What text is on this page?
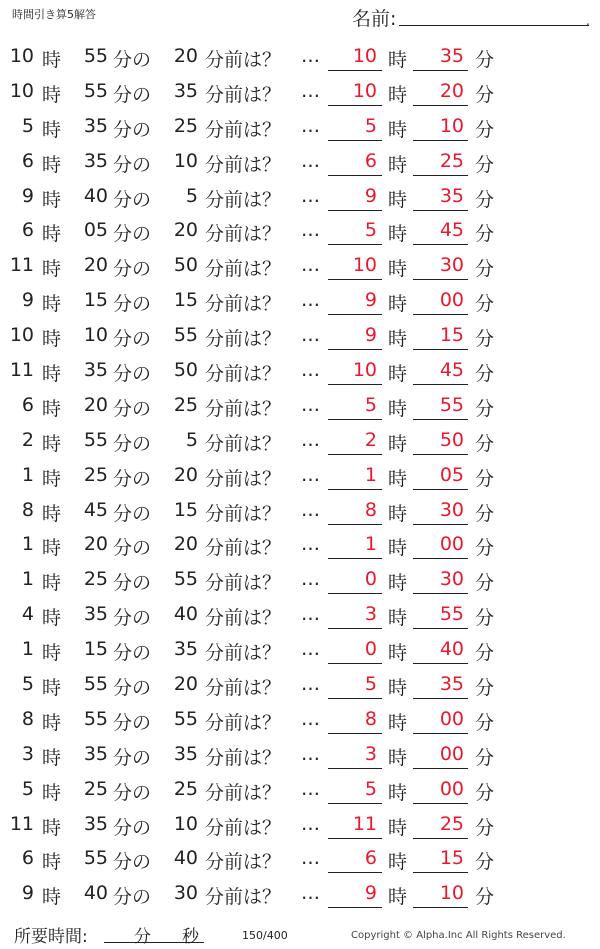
時間引き算5解答	名前:	.
10 時	55 分の	20 分前は？ …	10 時	35 分
10 時	55 分の	35 分前は？ …	10 時	20 分
5 時	35 分の	25 分前は？ …	5 時	10 分
6 時	35 分の	10 分前は？ …	6 時	25 分
9 時	40 分の	5 分前は？ …	9 時	35 分
6 時	05 分の	20 分前は？ …	5 時	45 分
11 時	20 分の	50 分前は？ …	10 時	30 分
9 時	15 分の	15 分前は？ …	9 時	00 分
10 時	10 分の	55 分前は？ …	9 時	15 分
11 時	35 分の	50 分前は？ …	10 時	45 分
6 時	20 分の	25 分前は？ …	5 時	55 分
2 時	55 分の	5 分前は？ …	2 時	50 分
1 時	25 分の	20 分前は？ …	1 時	05 分
8 時	45 分の	15 分前は？ …	8 時	30 分
1 時	20 分の	20 分前は？ …	1 時	00 分
1 時	25 分の	55 分前は？ …	0 時	30 分
4 時	35 分の	40 分前は？ …	3 時	55 分
1 時	15 分の	35 分前は？ …	0 時	40 分
5 時	55 分の	20 分前は？ …	5 時	35 分
8 時	55 分の	55 分前は？ …	8 時	00 分
3 時	35 分の	35 分前は？ …	3 時	00 分
5 時	25 分の	25 分前は？ …	5 時	00 分
11 時	35 分の	10 分前は？ …	11 時	25 分
6 時	55 分の	40 分前は？ …	6 時	15 分
9 時	40 分の	30 分前は？ …	9 時	10 分
所要時間:	分 秒	150/400	Copyright © Alpha.Inc All Rights Reserved.
